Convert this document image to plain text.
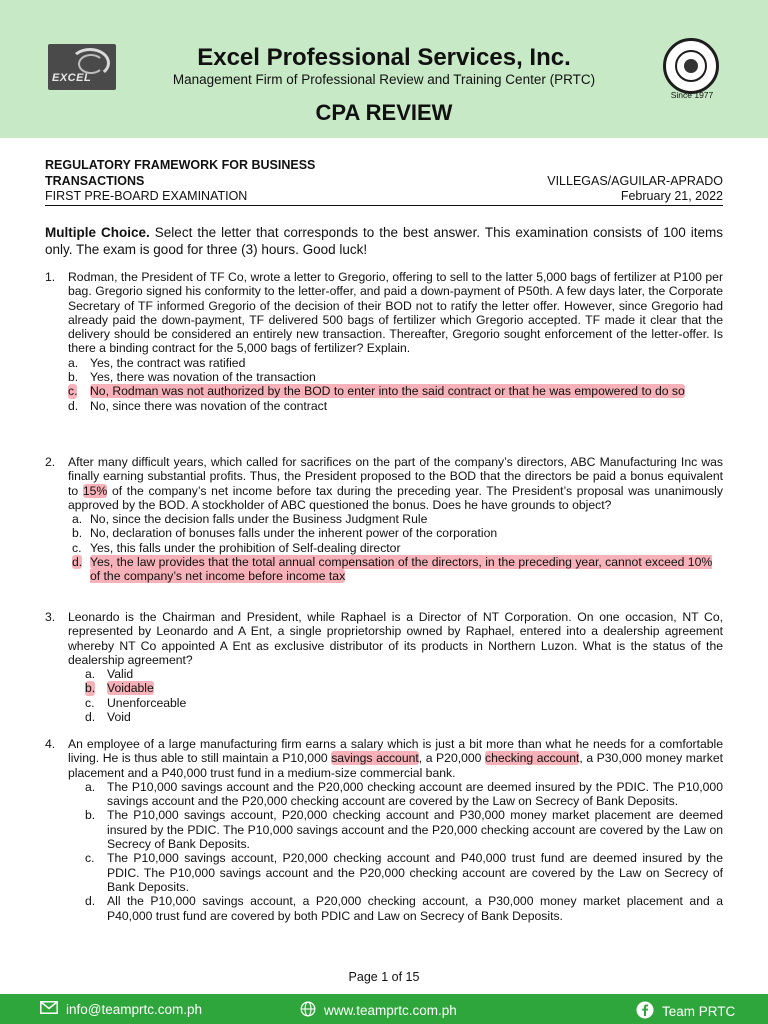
EXCEL
Excel Professional Services, Inc.
Management Firm of Professional Review and Training Center (PRTC)
CPA REVIEW
Since 1977
REGULATORY FRAMEWORK FOR BUSINESS
TRANSACTIONS
FIRST PRE-BOARD EXAMINATION
VILLEGAS/AGUILAR-APRADO
February 21, 2022
Multiple Choice. Select the letter that corresponds to the best answer. This examination consists of 100 items only. The exam is good for three (3) hours. Good luck!
1. Rodman, the President of TF Co, wrote a letter to Gregorio, offering to sell to the latter 5,000 bags of fertilizer at P100 per bag. Gregorio signed his conformity to the letter-offer, and paid a down-payment of P50th. A few days later, the Corporate Secretary of TF informed Gregorio of the decision of their BOD not to ratify the letter offer. However, since Gregorio had already paid the down-payment, TF delivered 500 bags of fertilizer which Gregorio accepted. TF made it clear that the delivery should be considered an entirely new transaction. Thereafter, Gregorio sought enforcement of the letter-offer. Is there a binding contract for the 5,000 bags of fertilizer? Explain.
a. Yes, the contract was ratified
b. Yes, there was novation of the transaction
c. No, Rodman was not authorized by the BOD to enter into the said contract or that he was empowered to do so
d. No, since there was novation of the contract
2. After many difficult years, which called for sacrifices on the part of the company’s directors, ABC Manufacturing Inc was finally earning substantial profits. Thus, the President proposed to the BOD that the directors be paid a bonus equivalent to 15% of the company’s net income before tax during the preceding year. The President’s proposal was unanimously approved by the BOD. A stockholder of ABC questioned the bonus. Does he have grounds to object?
a. No, since the decision falls under the Business Judgment Rule
b. No, declaration of bonuses falls under the inherent power of the corporation
c. Yes, this falls under the prohibition of Self-dealing director
d. Yes, the law provides that the total annual compensation of the directors, in the preceding year, cannot exceed 10% of the company’s net income before income tax
3. Leonardo is the Chairman and President, while Raphael is a Director of NT Corporation. On one occasion, NT Co, represented by Leonardo and A Ent, a single proprietorship owned by Raphael, entered into a dealership agreement whereby NT Co appointed A Ent as exclusive distributor of its products in Northern Luzon. What is the status of the dealership agreement?
a. Valid
b. Voidable
c. Unenforceable
d. Void
4. An employee of a large manufacturing firm earns a salary which is just a bit more than what he needs for a comfortable living. He is thus able to still maintain a P10,000 savings account, a P20,000 checking account, a P30,000 money market placement and a P40,000 trust fund in a medium-size commercial bank.
a. The P10,000 savings account and the P20,000 checking account are deemed insured by the PDIC. The P10,000 savings account and the P20,000 checking account are covered by the Law on Secrecy of Bank Deposits.
b. The P10,000 savings account, P20,000 checking account and P30,000 money market placement are deemed insured by the PDIC. The P10,000 savings account and the P20,000 checking account are covered by the Law on Secrecy of Bank Deposits.
c. The P10,000 savings account, P20,000 checking account and P40,000 trust fund are deemed insured by the PDIC. The P10,000 savings account and the P20,000 checking account are covered by the Law on Secrecy of Bank Deposits.
d. All the P10,000 savings account, a P20,000 checking account, a P30,000 money market placement and a P40,000 trust fund are covered by both PDIC and Law on Secrecy of Bank Deposits.
Page 1 of 15
info@teamprtc.com.ph	www.teamprtc.com.ph	Team PRTC
